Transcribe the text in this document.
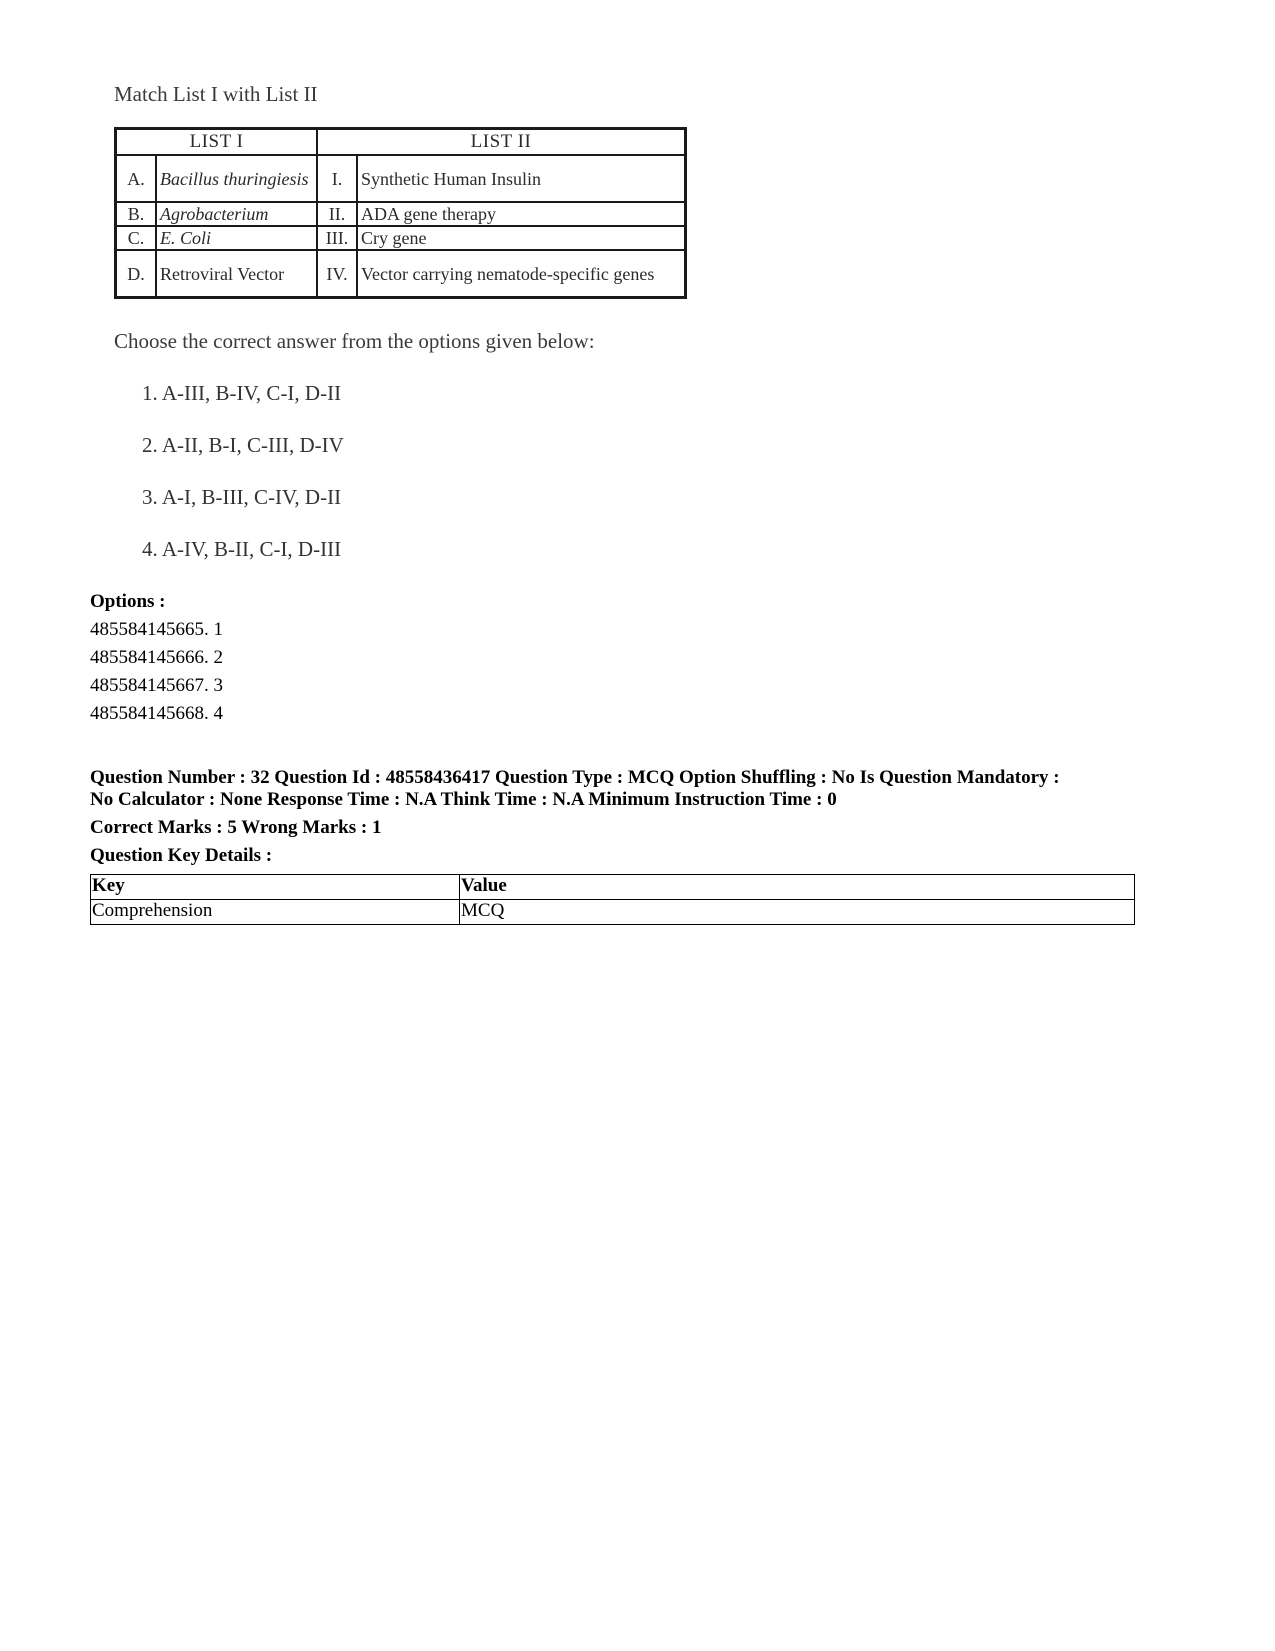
Match List I with List II
LIST I		LIST II	
A.	Bacillus thuringiesis	I.	Synthetic Human Insulin
B.	Agrobacterium	II.	ADA gene therapy
C.	E. Coli	III.	Cry gene
D.	Retroviral Vector	IV.	Vector carrying nematode-specific genes
Choose the correct answer from the options given below:
1. A-III, B-IV, C-I, D-II
2. A-II, B-I, C-III, D-IV
3. A-I, B-III, C-IV, D-II
4. A-IV, B-II, C-I, D-III
Options :
485584145665. 1
485584145666. 2
485584145667. 3
485584145668. 4
Question Number : 32 Question Id : 48558436417 Question Type : MCQ Option Shuffling : No Is Question Mandatory :
No Calculator : None Response Time : N.A Think Time : N.A Minimum Instruction Time : 0
Correct Marks : 5 Wrong Marks : 1
Question Key Details :
Key	Value
Comprehension	MCQ
